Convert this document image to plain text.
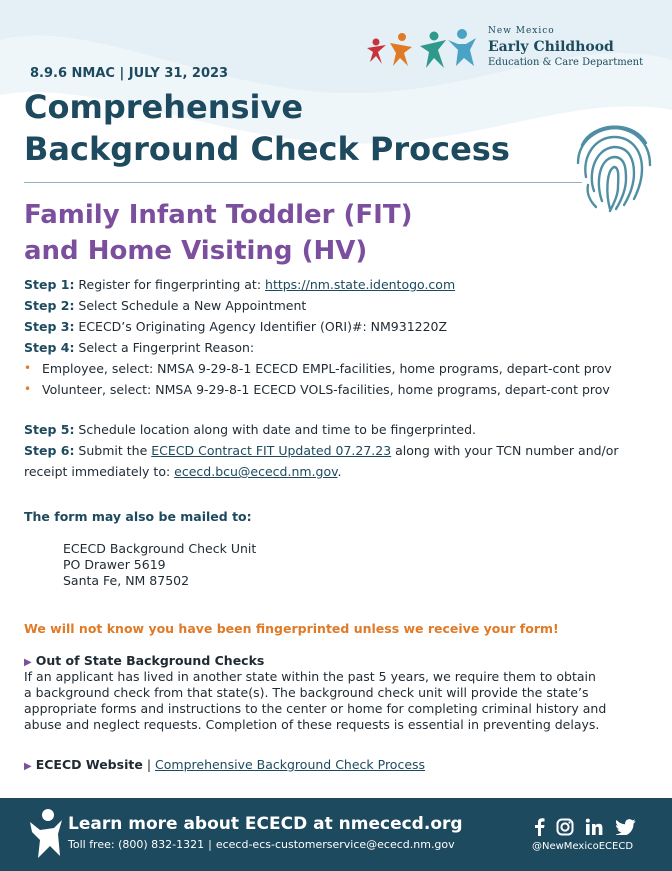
New Mexico
Early Childhood
Education & Care Department
8.9.6 NMAC | JULY 31, 2023
Comprehensive
Background Check Process
Family Infant Toddler (FIT)
and Home Visiting (HV)
Step 1: Register for fingerprinting at: https://nm.state.identogo.com
Step 2: Select Schedule a New Appointment
Step 3: ECECD’s Originating Agency Identifier (ORI)#: NM931220Z
Step 4: Select a Fingerprint Reason:
• Employee, select: NMSA 9-29-8-1 ECECD EMPL-facilities, home programs, depart-cont prov
• Volunteer, select: NMSA 9-29-8-1 ECECD VOLS-facilities, home programs, depart-cont prov
Step 5: Schedule location along with date and time to be fingerprinted.
Step 6: Submit the ECECD Contract FIT Updated 07.27.23 along with your TCN number and/or
receipt immediately to: ececd.bcu@ececd.nm.gov.
The form may also be mailed to:
ECECD Background Check Unit
PO Drawer 5619
Santa Fe, NM 87502
We will not know you have been fingerprinted unless we receive your form!
▶ Out of State Background Checks
If an applicant has lived in another state within the past 5 years, we require them to obtain
a background check from that state(s). The background check unit will provide the state’s
appropriate forms and instructions to the center or home for completing criminal history and
abuse and neglect requests. Completion of these requests is essential in preventing delays.
▶ ECECD Website | Comprehensive Background Check Process
Learn more about ECECD at nmececd.org
Toll free: (800) 832-1321 | ececd-ecs-customerservice@ececd.nm.gov	@NewMexicoECECD
